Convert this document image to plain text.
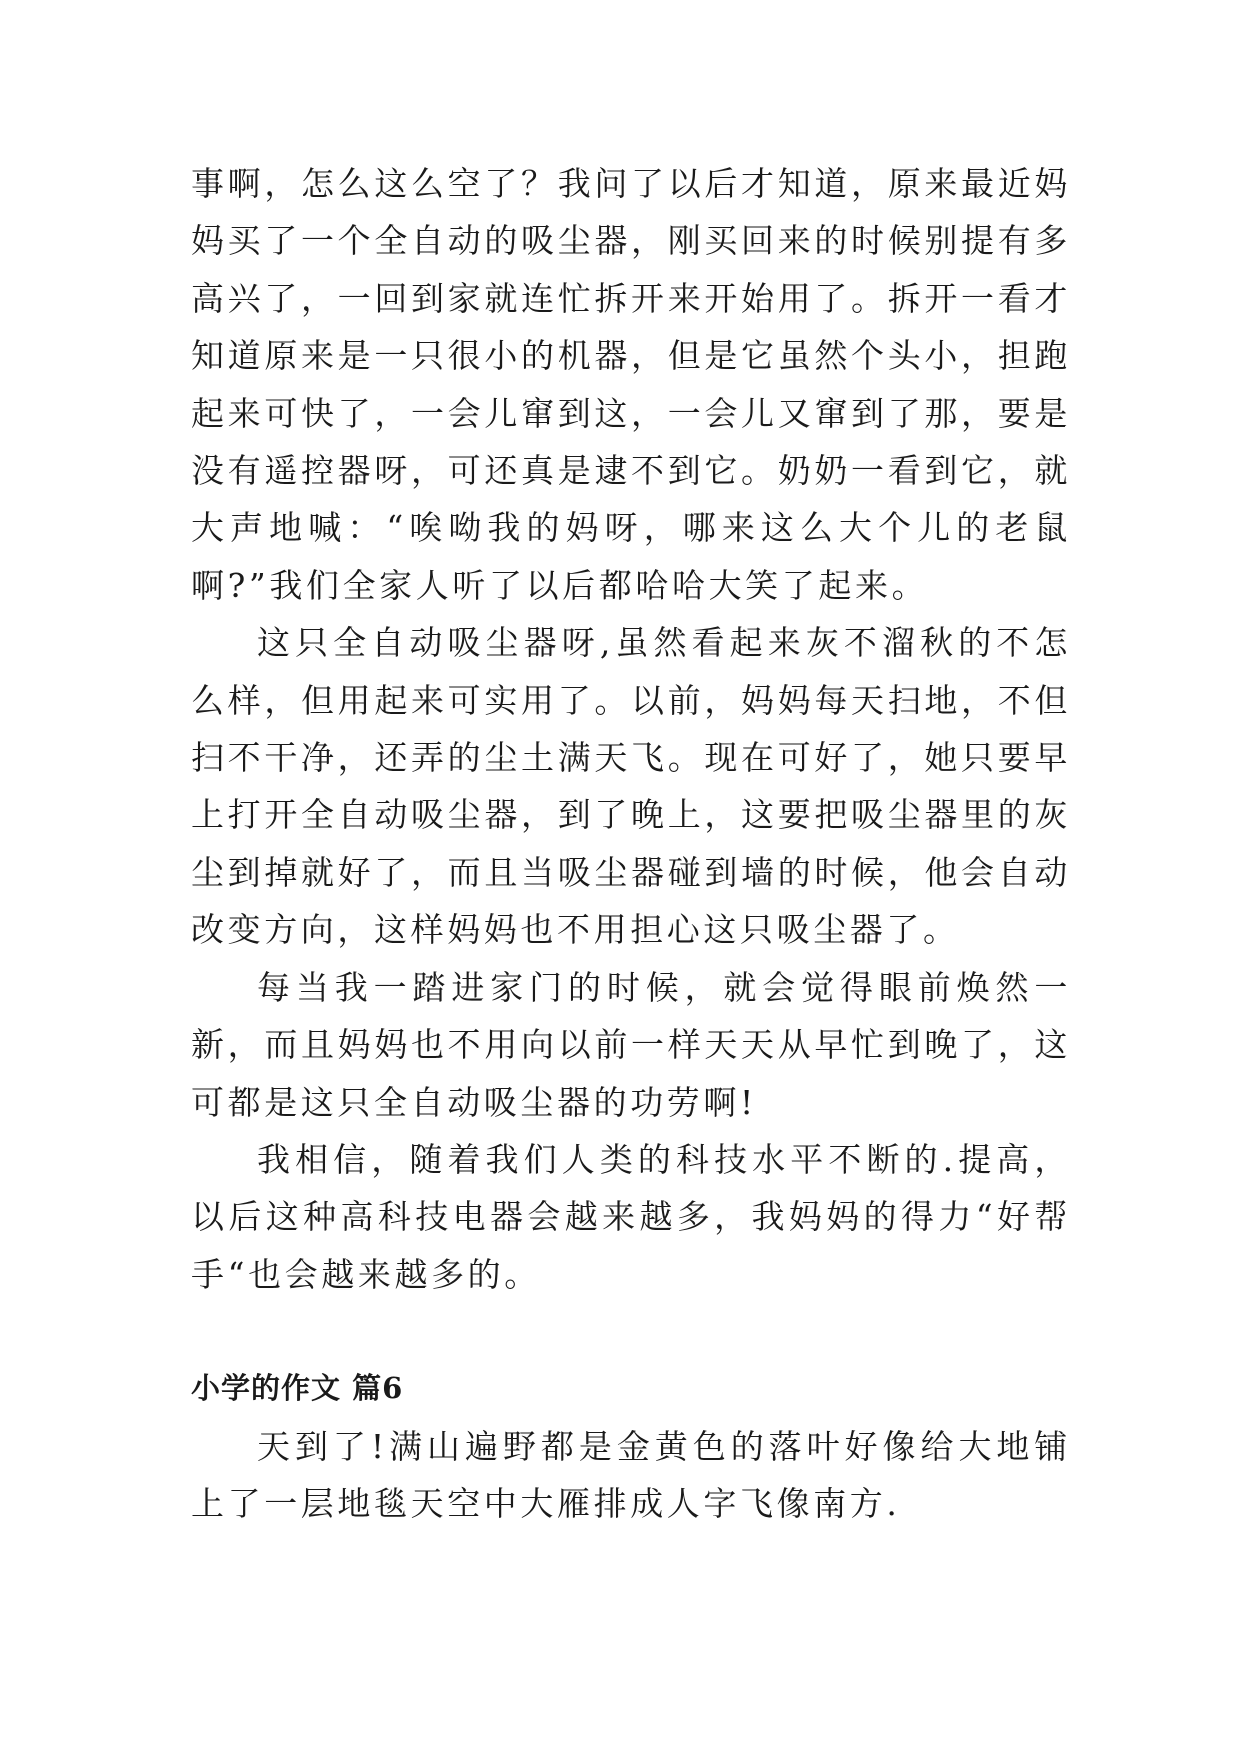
事啊，怎么这么空了？我问了以后才知道，原来最近妈妈买了一个全自动的吸尘器，刚买回来的时候别提有多高兴了，一回到家就连忙拆开来开始用了。拆开一看才知道原来是一只很小的机器，但是它虽然个头小，担跑起来可快了，一会儿窜到这，一会儿又窜到了那，要是没有遥控器呀，可还真是逮不到它。奶奶一看到它，就大声地喊：“唉呦我的妈呀，哪来这么大个儿的老鼠啊?”我们全家人听了以后都哈哈大笑了起来。

这只全自动吸尘器呀,虽然看起来灰不溜秋的不怎么样，但用起来可实用了。以前，妈妈每天扫地，不但扫不干净，还弄的尘土满天飞。现在可好了，她只要早上打开全自动吸尘器，到了晚上，这要把吸尘器里的灰尘到掉就好了，而且当吸尘器碰到墙的时候，他会自动改变方向，这样妈妈也不用担心这只吸尘器了。

每当我一踏进家门的时候，就会觉得眼前焕然一新，而且妈妈也不用向以前一样天天从早忙到晚了，这可都是这只全自动吸尘器的功劳啊!

我相信，随着我们人类的科技水平不断的.提高，以后这种高科技电器会越来越多，我妈妈的得力“好帮手“也会越来越多的。

小学的作文 篇6

天到了!满山遍野都是金黄色的落叶好像给大地铺上了一层地毯天空中大雁排成人字飞像南方.
